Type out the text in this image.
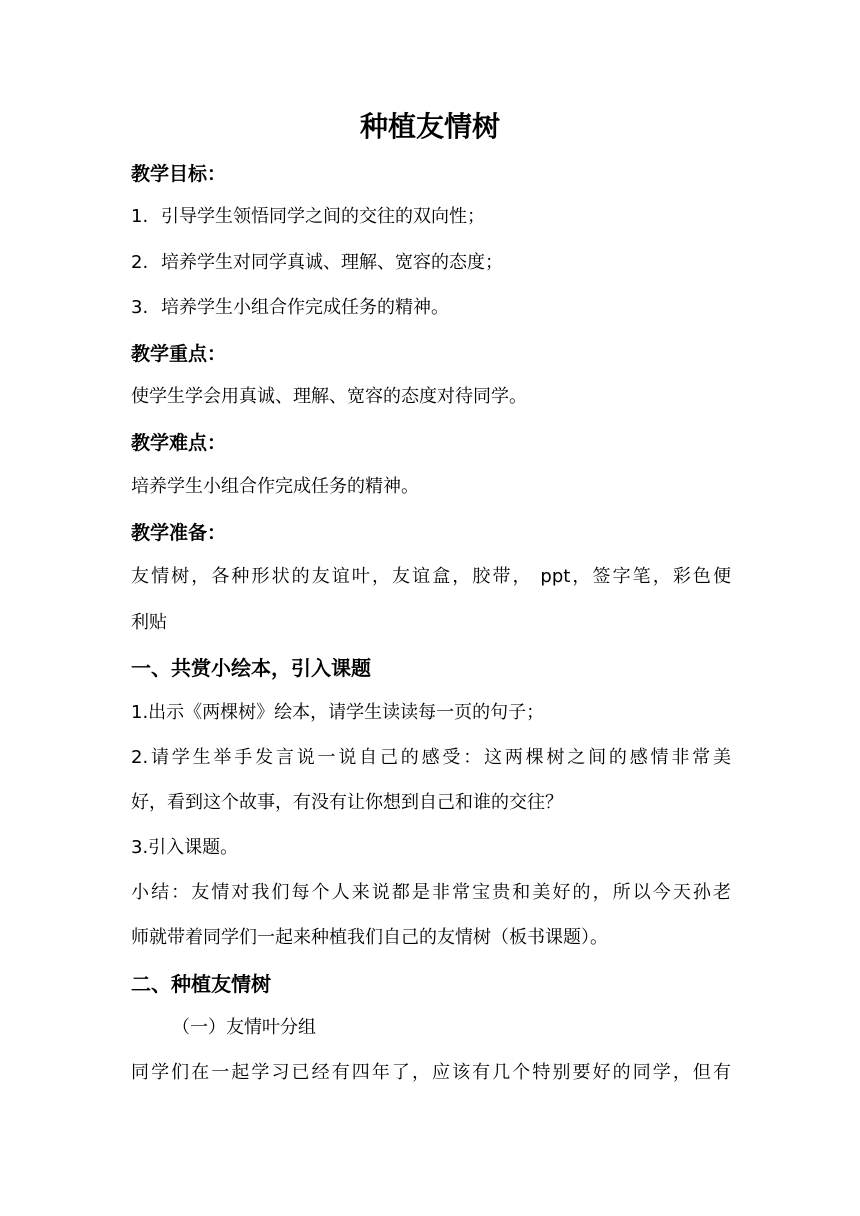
种植友情树
教学目标：
1. 引导学生领悟同学之间的交往的双向性；
2. 培养学生对同学真诚、理解、宽容的态度；
3. 培养学生小组合作完成任务的精神。
教学重点：
使学生学会用真诚、理解、宽容的态度对待同学。
教学难点：
培养学生小组合作完成任务的精神。
教学准备：
友情树，各种形状的友谊叶，友谊盒，胶带， ppt，签字笔，彩色便
利贴
一、共赏小绘本，引入课题
1.出示《两棵树》绘本，请学生读读每一页的句子；
2.请学生举手发言说一说自己的感受：这两棵树之间的感情非常美
好，看到这个故事，有没有让你想到自己和谁的交往？
3.引入课题。
小结：友情对我们每个人来说都是非常宝贵和美好的，所以今天孙老
师就带着同学们一起来种植我们自己的友情树（板书课题）。
二、种植友情树
（一）友情叶分组
同学们在一起学习已经有四年了，应该有几个特别要好的同学，但有
